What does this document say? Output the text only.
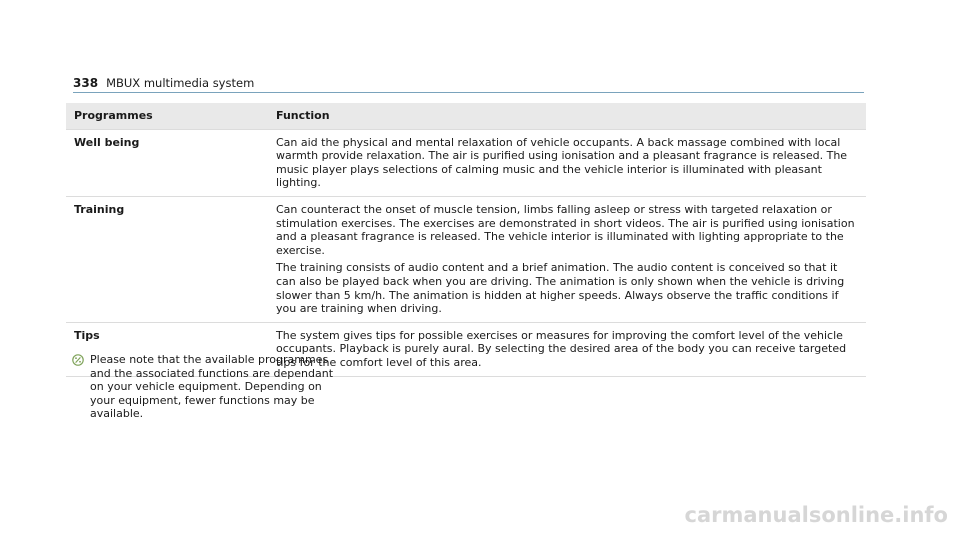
338 MBUX multimedia system
Programmes	Function
Well being	Can aid the physical and mental relaxation of vehicle occupants. A back massage combined with local warmth provide relaxation. The air is purified using ionisation and a pleasant fragrance is released. The music player plays selections of calming music and the vehicle interior is illuminated with pleasant lighting.

Training	Can counteract the onset of muscle tension, limbs falling asleep or stress with targeted relaxation or stimulation exercises. The exercises are demonstrated in short videos. The air is purified using ionisation and a pleasant fragrance is released. The vehicle interior is illuminated with lighting appropriate to the exercise.

The training consists of audio content and a brief animation. The audio content is conceived so that it can also be played back when you are driving. The animation is only shown when the vehicle is driving slower than 5 km/h. The animation is hidden at higher speeds. Always observe the traffic conditions if you are training when driving.

Tips	The system gives tips for possible exercises or measures for improving the comfort level of the vehicle occupants. Playback is purely aural. By selecting the desired area of the body you can receive targeted tips for the comfort level of this area.

Please note that the available programmes and the associated functions are dependant on your vehicle equipment. Depending on your equipment, fewer functions may be available.
carmanualsonline.info
